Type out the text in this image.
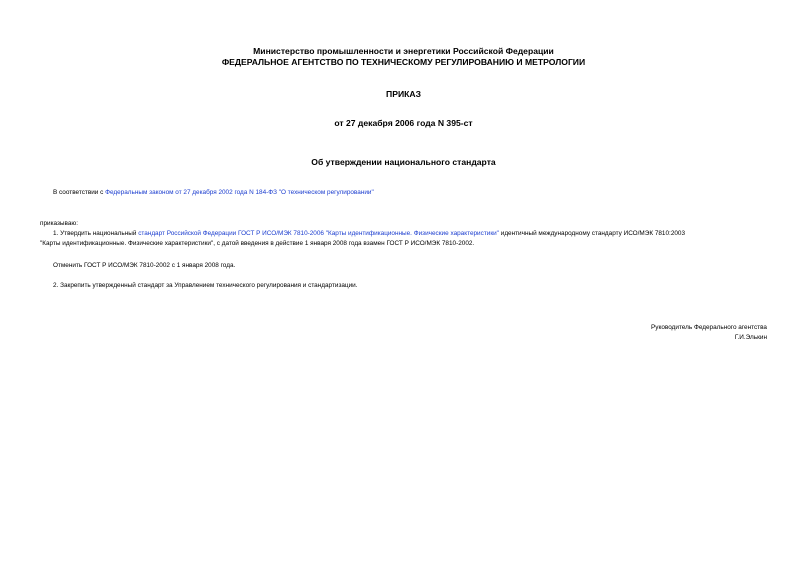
Министерство промышленности и энергетики Российской Федерации
ФЕДЕРАЛЬНОЕ АГЕНТСТВО ПО ТЕХНИЧЕСКОМУ РЕГУЛИРОВАНИЮ И МЕТРОЛОГИИ
ПРИКАЗ
от 27 декабря 2006 года N 395-ст
Об утверждении национального стандарта
В соответствии с Федеральным законом от 27 декабря 2002 года N 184-ФЗ "О техническом регулировании"
приказываю:
1. Утвердить национальный стандарт Российской Федерации ГОСТ Р ИСО/МЭК 7810-2006 "Карты идентификационные. Физические характеристики" идентичный международному стандарту ИСО/МЭК 7810:2003
"Карты идентификационные. Физические характеристики", с датой введения в действие 1 января 2008 года взамен ГОСТ Р ИСО/МЭК 7810-2002.
Отменить ГОСТ Р ИСО/МЭК 7810-2002 с 1 января 2008 года.
2. Закрепить утвержденный стандарт за Управлением технического регулирования и стандартизации.
Руководитель Федерального агентства
Г.И.Элькин
